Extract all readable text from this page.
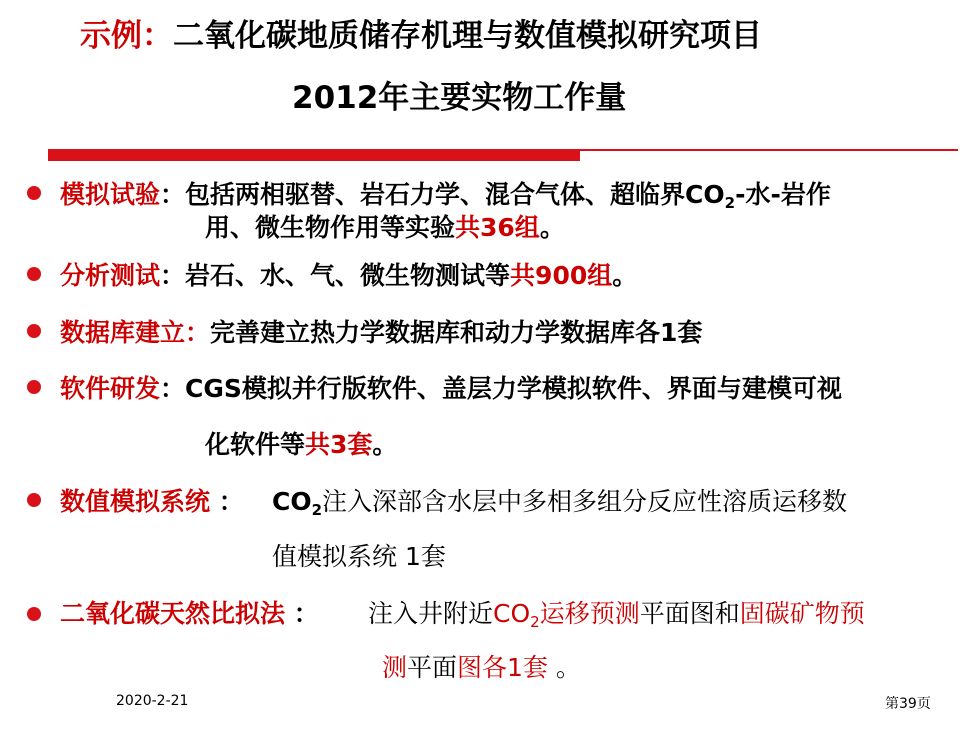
示例：二氧化碳地质储存机理与数值模拟研究项目
2012年主要实物工作量
模拟试验：包括两相驱替、岩石力学、混合气体、超临界$CO_2-$水-岩作
用、微生物作用等实验共36组。
分析测试：岩石、水、气、微生物测试等共900组。
数据库建立：完善建立热力学数据库和动力学数据库各1套
软件研发：CGS模拟并行版软件、盖层力学模拟软件、界面与建模可视
化软件等共3套。
数值模拟系统 ： $CO_2$注入深部含水层中多相多组分反应性溶质运移数
值模拟系统 1套
二氧化碳天然比拟法 ： 注入井附近$CO_2$运移预测平面图和固碳矿物预
测平面图各1套 。
2020-2-21	第39页
